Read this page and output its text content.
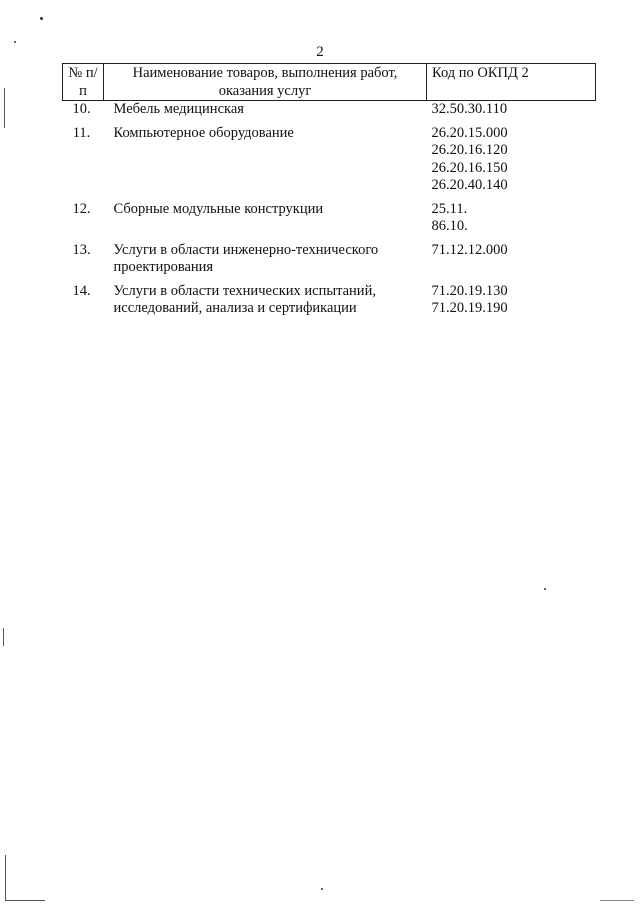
2
№ п/п	Наименование товаров, выполнения работ, оказания услуг	Код по ОКПД 2
10.	Мебель медицинская	32.50.30.110

11.	Компьютерное оборудование	26.20.15.000
26.20.16.120
26.20.16.150
26.20.40.140

12.	Сборные модульные конструкции	25.11.
86.10.

13.	Услуги в области инженерно-технического проектирования	71.12.12.000

14.	Услуги в области технических испытаний, исследований, анализа и сертификации	71.20.19.130
71.20.19.190
